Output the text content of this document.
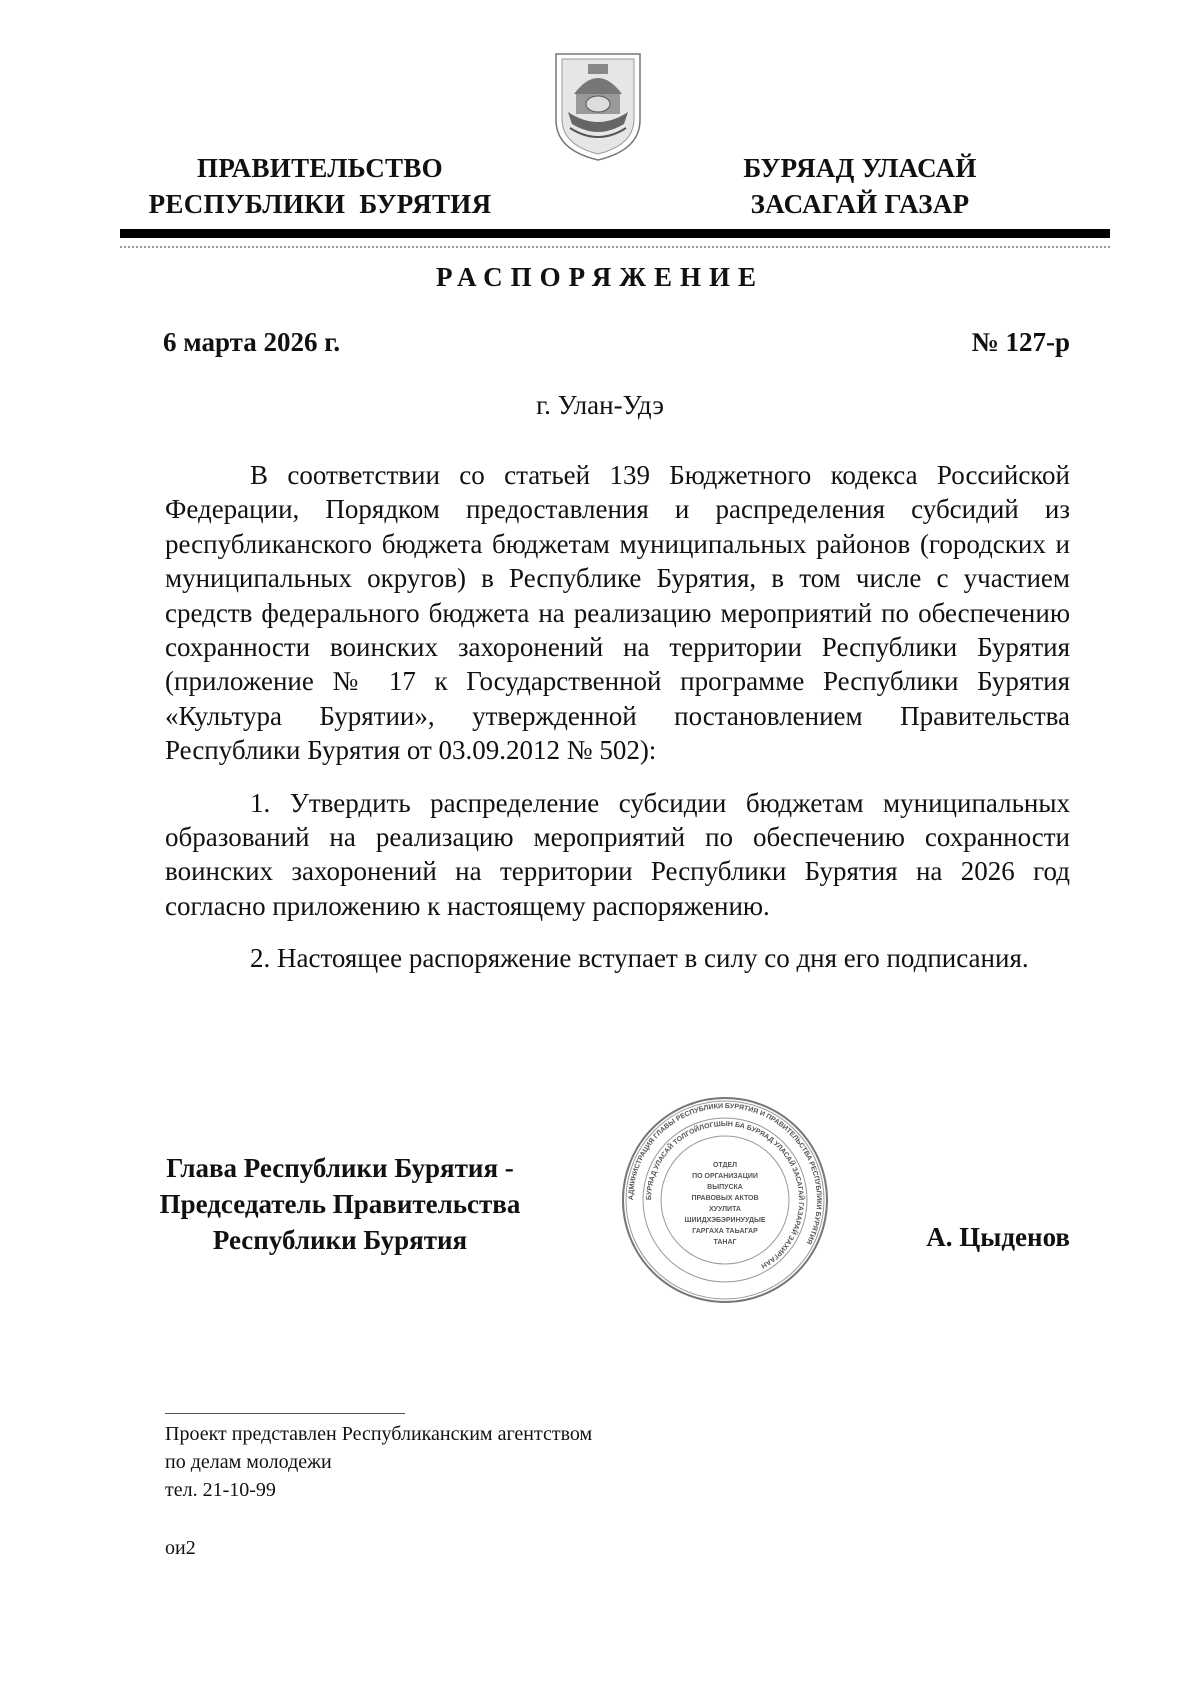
ПРАВИТЕЛЬСТВО
РЕСПУБЛИКИ  БУРЯТИЯ
БУРЯАД УЛАСАЙ
ЗАСАГАЙ ГАЗАР
РАСПОРЯЖЕНИЕ
6 марта 2026 г.	№ 127-р
г. Улан-Удэ

В соответствии со статьей 139 Бюджетного кодекса Российской Федерации, Порядком предоставления и распределения субсидий из республиканского бюджета бюджетам муниципальных районов (городских и муниципальных округов) в Республике Бурятия, в том числе с участием средств федерального бюджета на реализацию мероприятий по обеспечению сохранности воинских захоронений на территории Республики Бурятия (приложение № 17 к Государственной программе Республики Бурятия «Культура Бурятии», утвержденной постановлением Правительства Республики Бурятия от 03.09.2012 № 502):

1. Утвердить распределение субсидии бюджетам муниципальных образований на реализацию мероприятий по обеспечению сохранности воинских захоронений на территории Республики Бурятия на 2026 год согласно приложению к настоящему распоряжению.

2. Настоящее распоряжение вступает в силу со дня его подписания.

Глава Республики Бурятия -
Председатель Правительства
Республики Бурятия	А. Цыденов
АДМИНИСТРАЦИЯ ГЛАВЫ РЕСПУБЛИКИ БУРЯТИЯ И ПРАВИТЕЛЬСТВА РЕСПУБЛИКИ БУРЯТИЯ
БУРЯАД УЛАСАЙ ТОЛГОЙЛОГШЫН БА БУРЯАД УЛАСАЙ ЗАСАГАЙ ГАЗАРАЙ ЗАХИРГААН
ОТДЕЛ
ПО ОРГАНИЗАЦИИ
ВЫПУСКА
ПРАВОВЫХ АКТОВ
ХУУЛИТА
ШИИДХЭБЭРИНУУДЫЕ
ГАРГАХА ТАЬАГАР
ТАНАГ
Проект представлен Республиканским агентством
по делам молодежи
тел. 21-10-99
ои2
